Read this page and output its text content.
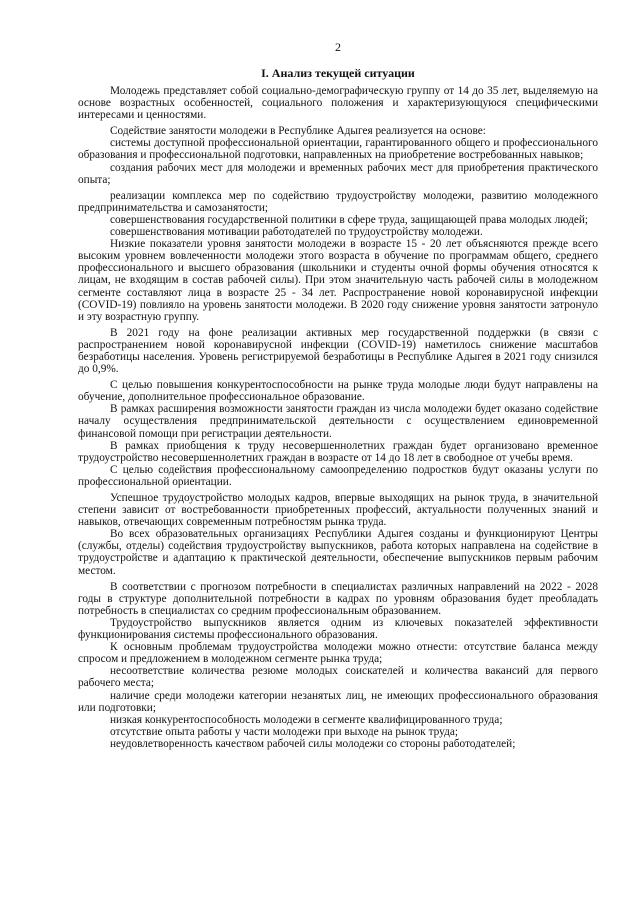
2
I. Анализ текущей ситуации

Молодежь представляет собой социально-демографическую группу от 14 до 35 лет, выделяемую на основе возрастных особенностей, социального положения и характеризующуюся специфическими интересами и ценностями.

Содействие занятости молодежи в Республике Адыгея реализуется на основе:

системы доступной профессиональной ориентации, гарантированного общего и профессионального образования и профессиональной подготовки, направленных на приобретение востребованных навыков;

создания рабочих мест для молодежи и временных рабочих мест для приобретения практического опыта;

реализации комплекса мер по содействию трудоустройству молодежи, развитию молодежного предпринимательства и самозанятости;

совершенствования государственной политики в сфере труда, защищающей права молодых людей;

совершенствования мотивации работодателей по трудоустройству молодежи.

Низкие показатели уровня занятости молодежи в возрасте 15 - 20 лет объясняются прежде всего высоким уровнем вовлеченности молодежи этого возраста в обучение по программам общего, среднего профессионального и высшего образования (школьники и студенты очной формы обучения относятся к лицам, не входящим в состав рабочей силы). При этом значительную часть рабочей силы в молодежном сегменте составляют лица в возрасте 25 - 34 лет. Распространение новой коронавирусной инфекции (COVID-19) повлияло на уровень занятости молодежи. В 2020 году снижение уровня занятости затронуло и эту возрастную группу.

В 2021 году на фоне реализации активных мер государственной поддержки (в связи с распространением новой коронавирусной инфекции (COVID-19) наметилось снижение масштабов безработицы населения. Уровень регистрируемой безработицы в Республике Адыгея в 2021 году снизился до 0,9%.

С целью повышения конкурентоспособности на рынке труда молодые люди будут направлены на обучение, дополнительное профессиональное образование.

В рамках расширения возможности занятости граждан из числа молодежи будет оказано содействие началу осуществления предпринимательской деятельности с осуществлением единовременной финансовой помощи при регистрации деятельности.

В рамках приобщения к труду несовершеннолетних граждан будет организовано временное трудоустройство несовершеннолетних граждан в возрасте от 14 до 18 лет в свободное от учебы время.

С целью содействия профессиональному самоопределению подростков будут оказаны услуги по профессиональной ориентации.

Успешное трудоустройство молодых кадров, впервые выходящих на рынок труда, в значительной степени зависит от востребованности приобретенных профессий, актуальности полученных знаний и навыков, отвечающих современным потребностям рынка труда.

Во всех образовательных организациях Республики Адыгея созданы и функционируют Центры (службы, отделы) содействия трудоустройству выпускников, работа которых направлена на содействие в трудоустройстве и адаптацию к практической деятельности, обеспечение выпускников первым рабочим местом.

В соответствии с прогнозом потребности в специалистах различных направлений на 2022 - 2028 годы в структуре дополнительной потребности в кадрах по уровням образования будет преобладать потребность в специалистах со средним профессиональным образованием.

Трудоустройство выпускников является одним из ключевых показателей эффективности функционирования системы профессионального образования.

К основным проблемам трудоустройства молодежи можно отнести: отсутствие баланса между спросом и предложением в молодежном сегменте рынка труда;

несоответствие количества резюме молодых соискателей и количества вакансий для первого рабочего места;

наличие среди молодежи категории незанятых лиц, не имеющих профессионального образования или подготовки;

низкая конкурентоспособность молодежи в сегменте квалифицированного труда;

отсутствие опыта работы у части молодежи при выходе на рынок труда;

неудовлетворенность качеством рабочей силы молодежи со стороны работодателей;
